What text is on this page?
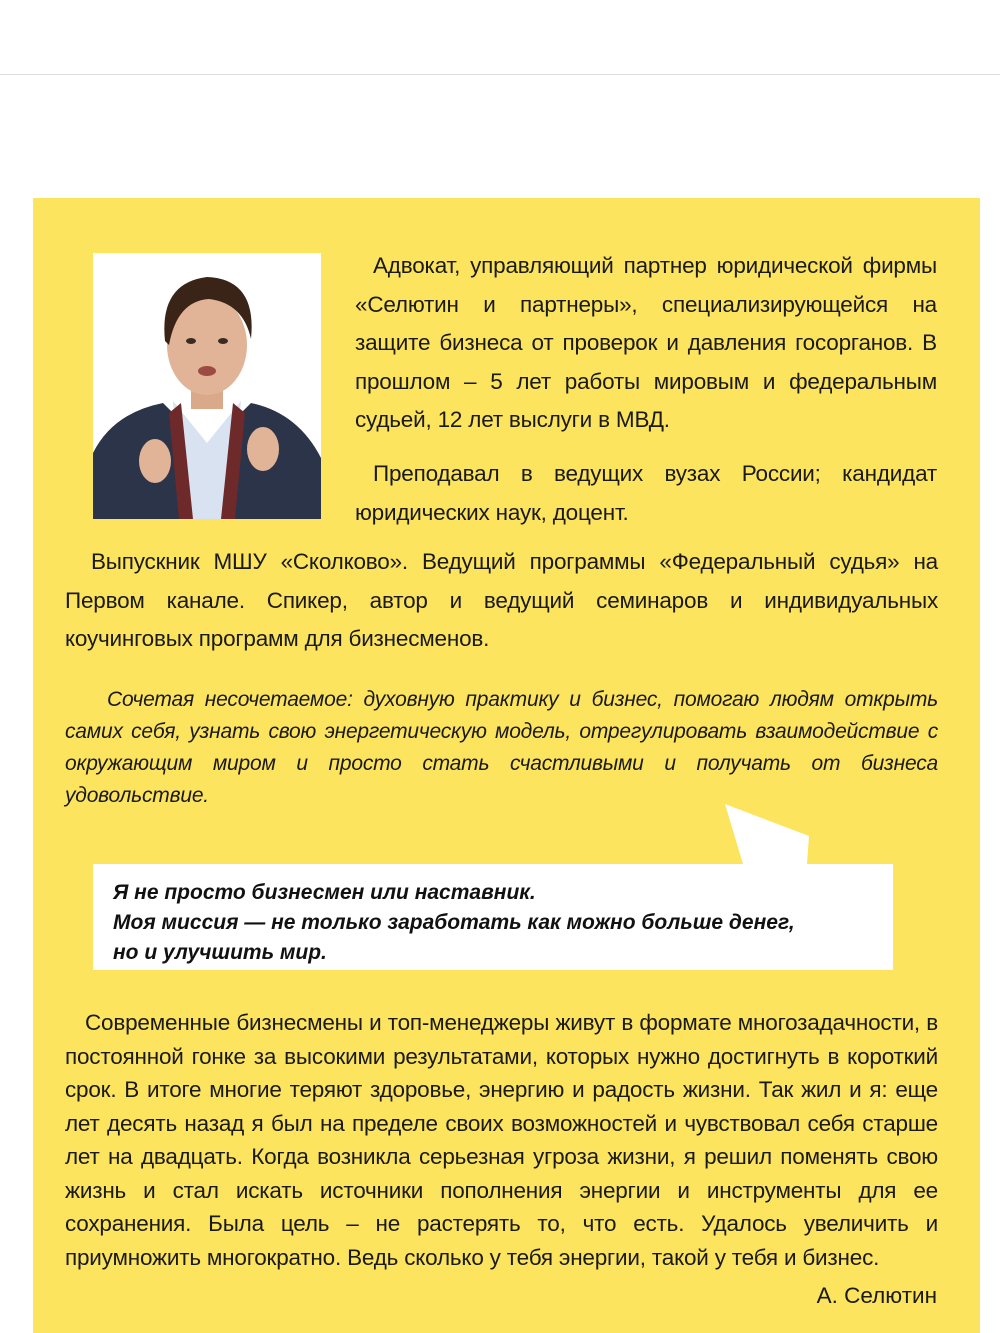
Адвокат, управляющий партнер юридической фирмы «Селютин и партнеры», специализирующейся на защите бизнеса от проверок и давления госорганов. В прошлом – 5 лет работы мировым и федеральным судьей, 12 лет выслуги в МВД.

Преподавал в ведущих вузах России; кандидат юридических наук, доцент.

Выпускник МШУ «Сколково». Ведущий программы «Федеральный судья» на Первом канале. Спикер, автор и ведущий семинаров и индивидуальных коучинговых программ для бизнесменов.

Сочетая несочетаемое: духовную практику и бизнес, помогаю людям открыть самих себя, узнать свою энергетическую модель, отрегулировать взаимодействие с окружающим миром и просто стать счастливыми и получать от бизнеса удовольствие.

Я не просто бизнесмен или наставник.
Моя миссия — не только заработать как можно больше денег,
но и улучшить мир.

Современные бизнесмены и топ-менеджеры живут в формате многозадачности, в постоянной гонке за высокими результатами, которых нужно достигнуть в короткий срок. В итоге многие теряют здоровье, энергию и радость жизни. Так жил и я: еще лет десять назад я был на пределе своих возможностей и чувствовал себя старше лет на двадцать. Когда возникла серьезная угроза жизни, я решил поменять свою жизнь и стал искать источники пополнения энергии и инструменты для ее сохранения. Была цель – не растерять то, что есть. Удалось увеличить и приумножить многократно. Ведь сколько у тебя энергии, такой у тебя и бизнес.

А. Селютин
